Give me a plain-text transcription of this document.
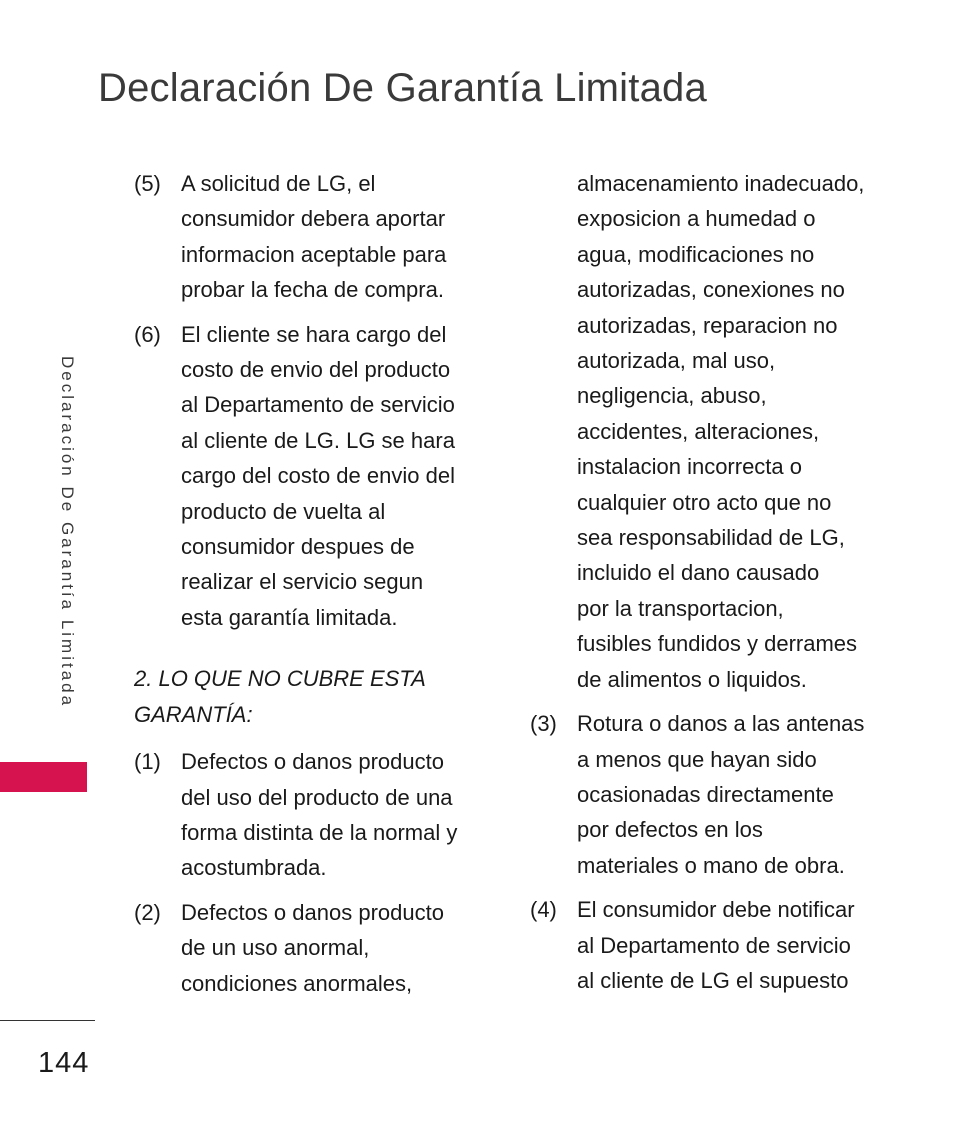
Declaración De Garantía Limitada
Declaración De Garantía Limitada
(5) A solicitud de LG, el
consumidor debera aportar
informacion aceptable para
probar la fecha de compra.
(6) El cliente se hara cargo del
costo de envio del producto
al Departamento de servicio
al cliente de LG. LG se hara
cargo del costo de envio del
producto de vuelta al
consumidor despues de
realizar el servicio segun
esta garantía limitada.
2. LO QUE NO CUBRE ESTA
GARANTÍA:
(1) Defectos o danos producto
del uso del producto de una
forma distinta de la normal y
acostumbrada.
(2) Defectos o danos producto
de un uso anormal,
condiciones anormales,
almacenamiento inadecuado,
exposicion a humedad o
agua, modificaciones no
autorizadas, conexiones no
autorizadas, reparacion no
autorizada, mal uso,
negligencia, abuso,
accidentes, alteraciones,
instalacion incorrecta o
cualquier otro acto que no
sea responsabilidad de LG,
incluido el dano causado
por la transportacion,
fusibles fundidos y derrames
de alimentos o liquidos.
(3) Rotura o danos a las antenas
a menos que hayan sido
ocasionadas directamente
por defectos en los
materiales o mano de obra.
(4) El consumidor debe notificar
al Departamento de servicio
al cliente de LG el supuesto
144
